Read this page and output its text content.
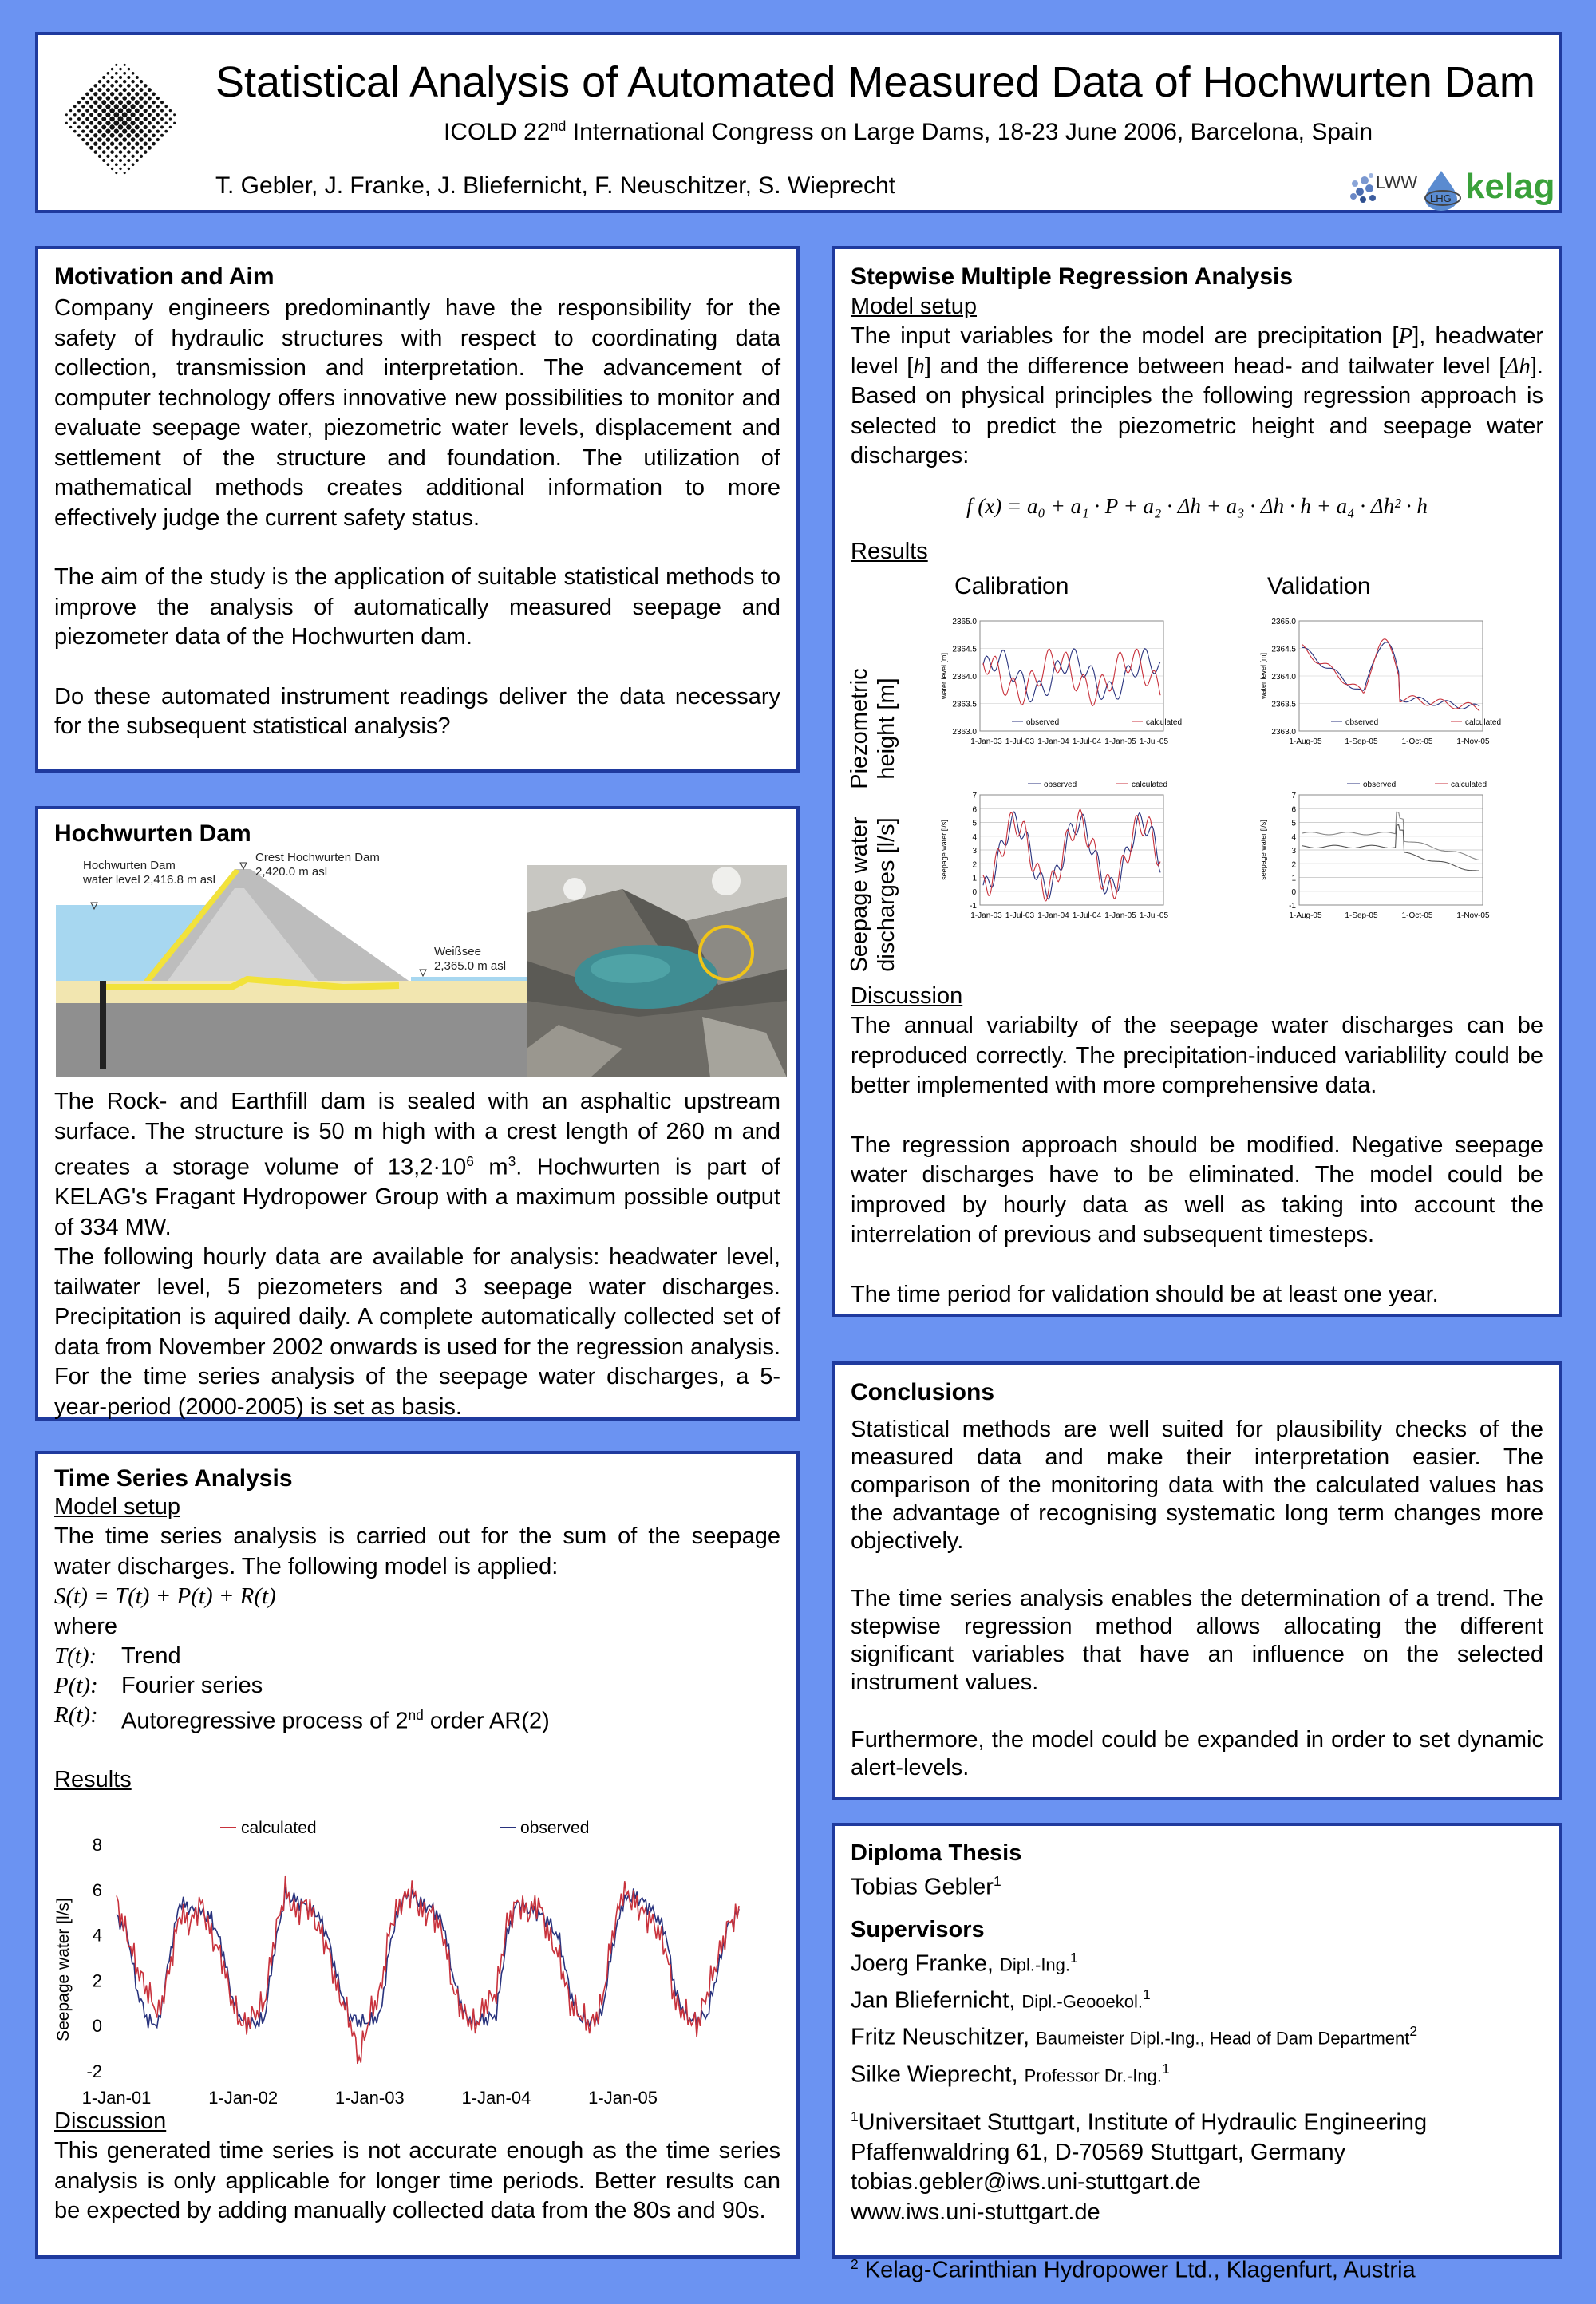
Statistical Analysis of Automated Measured Data of Hochwurten Dam
ICOLD 22nd International Congress on Large Dams, 18-23 June 2006, Barcelona, Spain
T. Gebler, J. Franke, J. Bliefernicht, F. Neuschitzer, S. Wieprecht	LWW
LHG kelag
Motivation and Aim

Company engineers predominantly have the responsibility for the safety of hydraulic structures with respect to coordinating data collection, transmission and interpretation. The advancement of computer technology offers innovative new possibilities to monitor and evaluate seepage water, piezometric water levels, displacement and settlement of the structure and foundation. The utilization of mathematical methods creates additional information to more effectively judge the current safety status.

The aim of the study is the application of suitable statistical methods to improve the analysis of automatically measured seepage and piezometer data of the Hochwurten dam.

Do these automated instrument readings deliver the data necessary for the subsequent statistical analysis?

Hochwurten Dam
Hochwurten Dam
water level 2,416.8 m asl
Crest Hochwurten Dam
2,420.0 m asl
Weißsee
2,365.0 m asl

The Rock- and Earthfill dam is sealed with an asphaltic upstream surface. The structure is 50 m high with a crest length of 260 m and creates a storage volume of $13,2\cdot 10^6$ $m^3$. Hochwurten is part of KELAG's Fragant Hydropower Group with a maximum possible output of 334 MW.

The following hourly data are available for analysis: headwater level, tailwater level, 5 piezometers and 3 seepage water discharges. Precipitation is aquired daily. A complete automatically collected set of data from November 2002 onwards is used for the regression analysis. For the time series analysis of the seepage water discharges, a 5-year-period (2000-2005) is set as basis.

Time Series Analysis
Model setup

The time series analysis is carried out for the sum of the seepage water discharges. The following model is applied:

S(t) = T(t) + P(t) + R(t)
where
T(t):	Trend
P(t):	Fourier series
R(t):	Autoregressive process of 2nd order AR(2)
Results
calculated	observed
Seepage water [l/s]
8
6
4
2
0
-2
1-Jan-01	1-Jan-02	1-Jan-03	1-Jan-04	1-Jan-05
Discussion

This generated time series is not accurate enough as the time series analysis is only applicable for longer time periods. Better results can be expected by adding manually collected data from the 80s and 90s.

Stepwise Multiple Regression Analysis
Model setup

The input variables for the model are precipitation [P], headwater level [h] and the difference between head- and tailwater level [Δh]. Based on physical principles the following regression approach is selected to predict the piezometric height and seepage water discharges:

f (x) = a₀ + a₁ · P + a₂ · Δh + a₃ · Δh · h + a₄ · Δh² · h
Results
Calibration	Validation
Piezometric height [m]
Seepage water discharges [l/s]
observed	calculated
2365.0
2364.5
2364.0
2363.5
2363.0
water level [m]
1-Jan-03 1-Jul-03 1-Jan-04 1-Jul-04 1-Jan-05 1-Jul-05
observed	calculated
2365.0
2364.5
2364.0
2363.5
2363.0
water level [m]
1-Aug-05	1-Sep-05	1-Oct-05	1-Nov-05
observed	calculated
7
6
5
4
3
2
1
0
-1
seepage water [l/s]
1-Jan-03 1-Jul-03 1-Jan-04 1-Jul-04 1-Jan-05 1-Jul-05
observed	calculated
7
6
5
4
3
2
1
0
-1
seepage water [l/s]
1-Aug-05	1-Sep-05	1-Oct-05	1-Nov-05
Discussion

The annual variabilty of the seepage water discharges can be reproduced correctly. The precipitation-induced variablility could be better implemented with more comprehensive data.

The regression approach should be modified. Negative seepage water discharges have to be eliminated. The model could be improved by hourly data as well as taking into account the interrelation of previous and subsequent timesteps.

The time period for validation should be at least one year.

Conclusions

Statistical methods are well suited for plausibility checks of the measured data and make their interpretation easier. The comparison of the monitoring data with the calculated values has the advantage of recognising systematic long term changes more objectively.

The time series analysis enables the determination of a trend. The stepwise regression method allows allocating the different significant variables that have an influence on the selected instrument values.

Furthermore, the model could be expanded in order to set dynamic alert-levels.

Diploma Thesis
Tobias Gebler$^1$
Supervisors
Joerg Franke, Dipl.-Ing.$^1$
Jan Bliefernicht, Dipl.-Geooekol.$^1$
Fritz Neuschitzer, Baumeister Dipl.-Ing., Head of Dam Department$^2$
Silke Wieprecht, Professor Dr.-Ing.$^1$
$^1$Universitaet Stuttgart, Institute of Hydraulic Engineering
Pfaffenwaldring 61, D-70569 Stuttgart, Germany
tobias.gebler@iws.uni-stuttgart.de
www.iws.uni-stuttgart.de
$^2$ Kelag-Carinthian Hydropower Ltd., Klagenfurt, Austria
